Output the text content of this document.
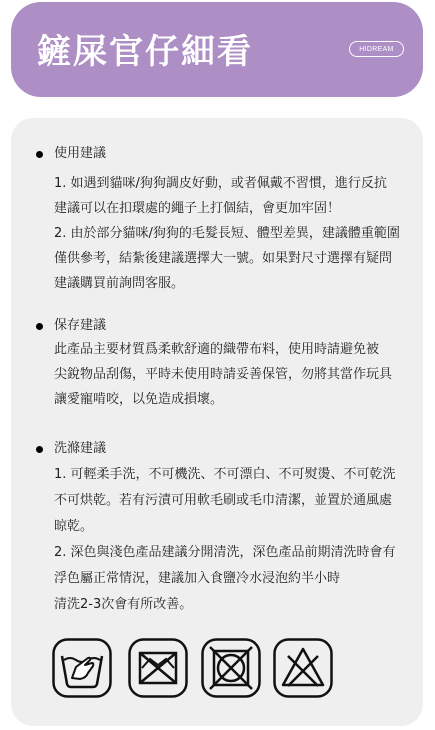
鏟屎官仔細看	HIDREAM
使用建議
1. 如遇到貓咪/狗狗調皮好動，或者佩戴不習慣，進行反抗
建議可以在扣環處的繩子上打個結，會更加牢固！
2. 由於部分貓咪/狗狗的毛髮長短、體型差異，建議體重範圍
僅供參考，結紮後建議選擇大一號。如果對尺寸選擇有疑問
建議購買前詢問客服。
保存建議
此產品主要材質爲柔軟舒適的織帶布料，使用時請避免被
尖銳物品刮傷，平時未使用時請妥善保管，勿將其當作玩具
讓愛寵啃咬，以免造成損壞。
洗滌建議
1. 可輕柔手洗，不可機洗、不可漂白、不可熨燙、不可乾洗
不可烘乾。若有污漬可用軟毛刷或毛巾清潔，並置於通風處
晾乾。
2. 深色與淺色產品建議分開清洗，深色產品前期清洗時會有
浮色屬正常情況，建議加入食鹽冷水浸泡約半小時
清洗2-3次會有所改善。
